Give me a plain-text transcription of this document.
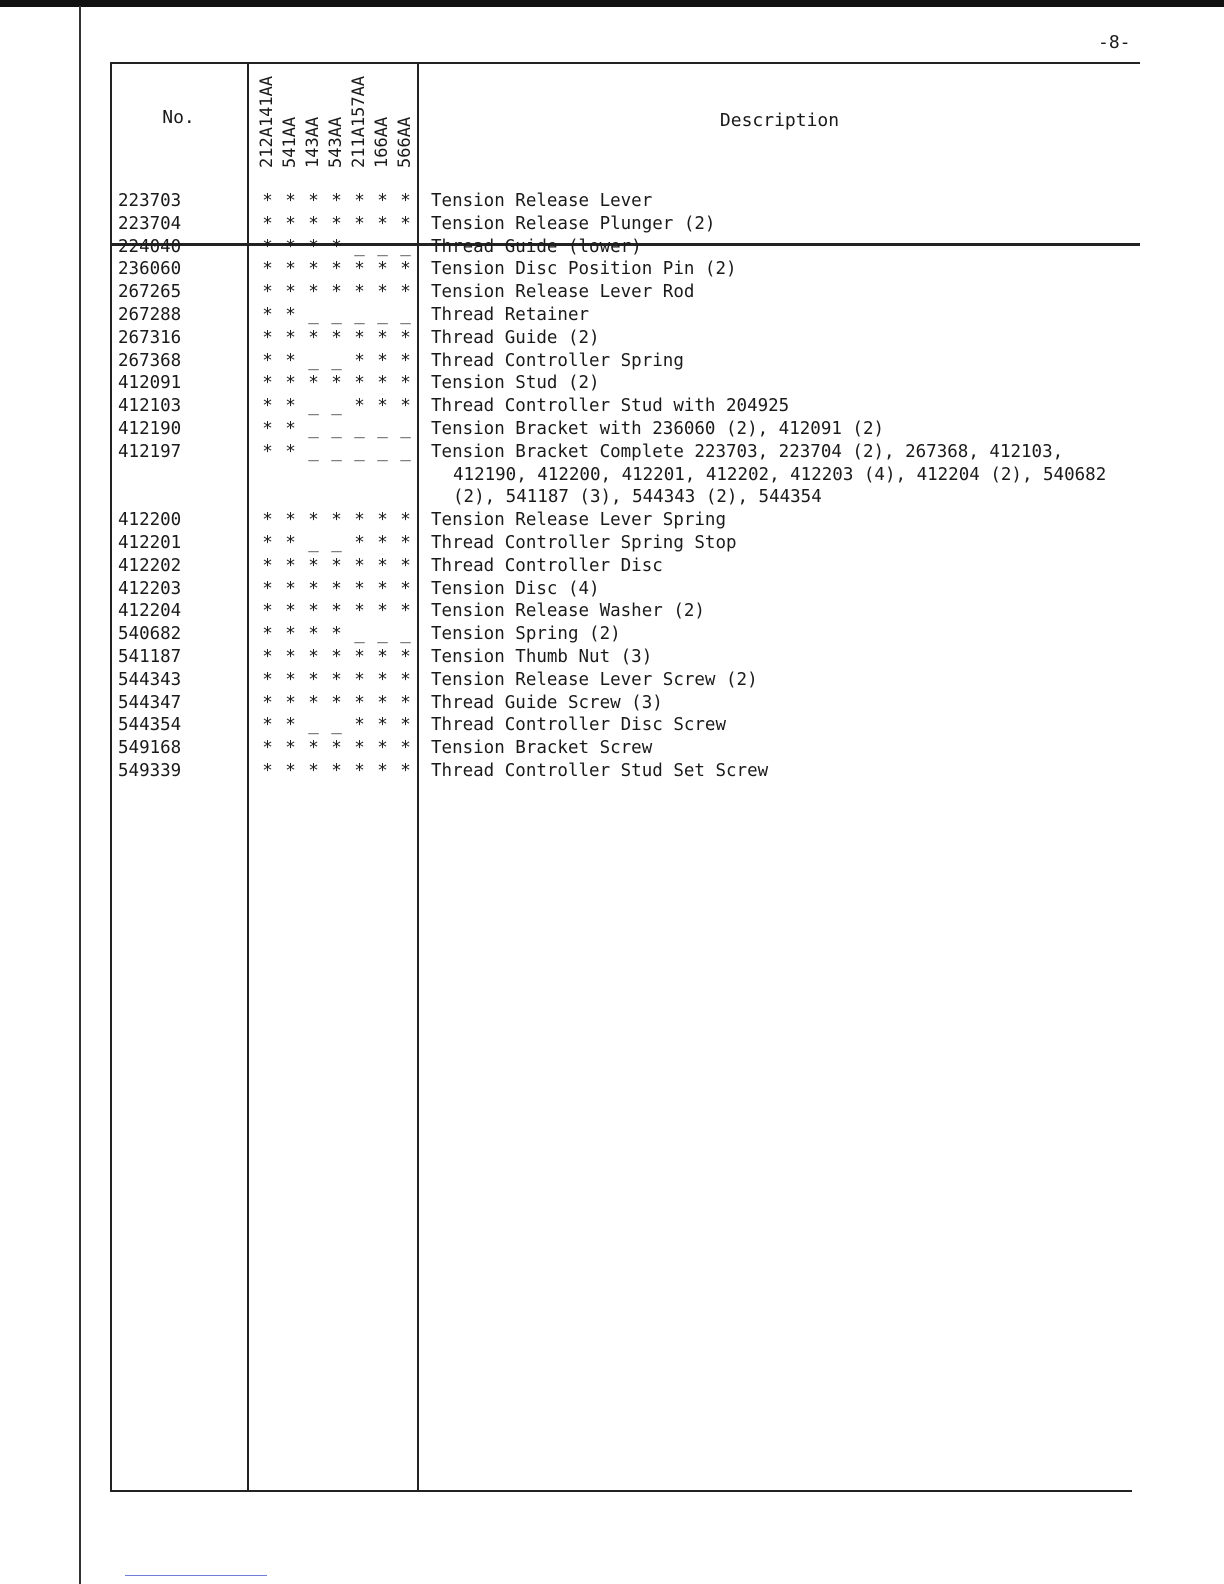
-8-
No.	212A141AA 541AA 143AA 543AA 211A157AA 166AA 566AA	Description
223703
223704
224040
236060
267265
267288
267316
267368
412091
412103
412190
412197
412200
412201
412202
412203
412204
540682
541187
544343
544347
544354
549168
549339
* * * * * * *
* * * * * * *
* * * * _ _ _
* * * * * * *
* * * * * * *
* * _ _ _ _ _
* * * * * * *
* * _ _ * * *
* * * * * * *
* * _ _ * * *
* * _ _ _ _ _
* * _ _ _ _ _
* * * * * * *
* * _ _ * * *
* * * * * * *
* * * * * * *
* * * * * * *
* * * * _ _ _
* * * * * * *
* * * * * * *
* * * * * * *
* * _ _ * * *
* * * * * * *
* * * * * * *
Tension Release Lever
Tension Release Plunger (2)
Thread Guide (lower)
Tension Disc Position Pin (2)
Tension Release Lever Rod
Thread Retainer
Thread Guide (2)
Thread Controller Spring
Tension Stud (2)
Thread Controller Stud with 204925
Tension Bracket with 236060 (2), 412091 (2)
Tension Bracket Complete 223703, 223704 (2), 267368, 412103, 412190, 412200, 412201, 412202, 412203 (4), 412204 (2), 540682 (2), 541187 (3), 544343 (2), 544354
Tension Release Lever Spring
Thread Controller Spring Stop
Thread Controller Disc
Tension Disc (4)
Tension Release Washer (2)
Tension Spring (2)
Tension Thumb Nut (3)
Tension Release Lever Screw (2)
Thread Guide Screw (3)
Thread Controller Disc Screw
Tension Bracket Screw
Thread Controller Stud Set Screw
